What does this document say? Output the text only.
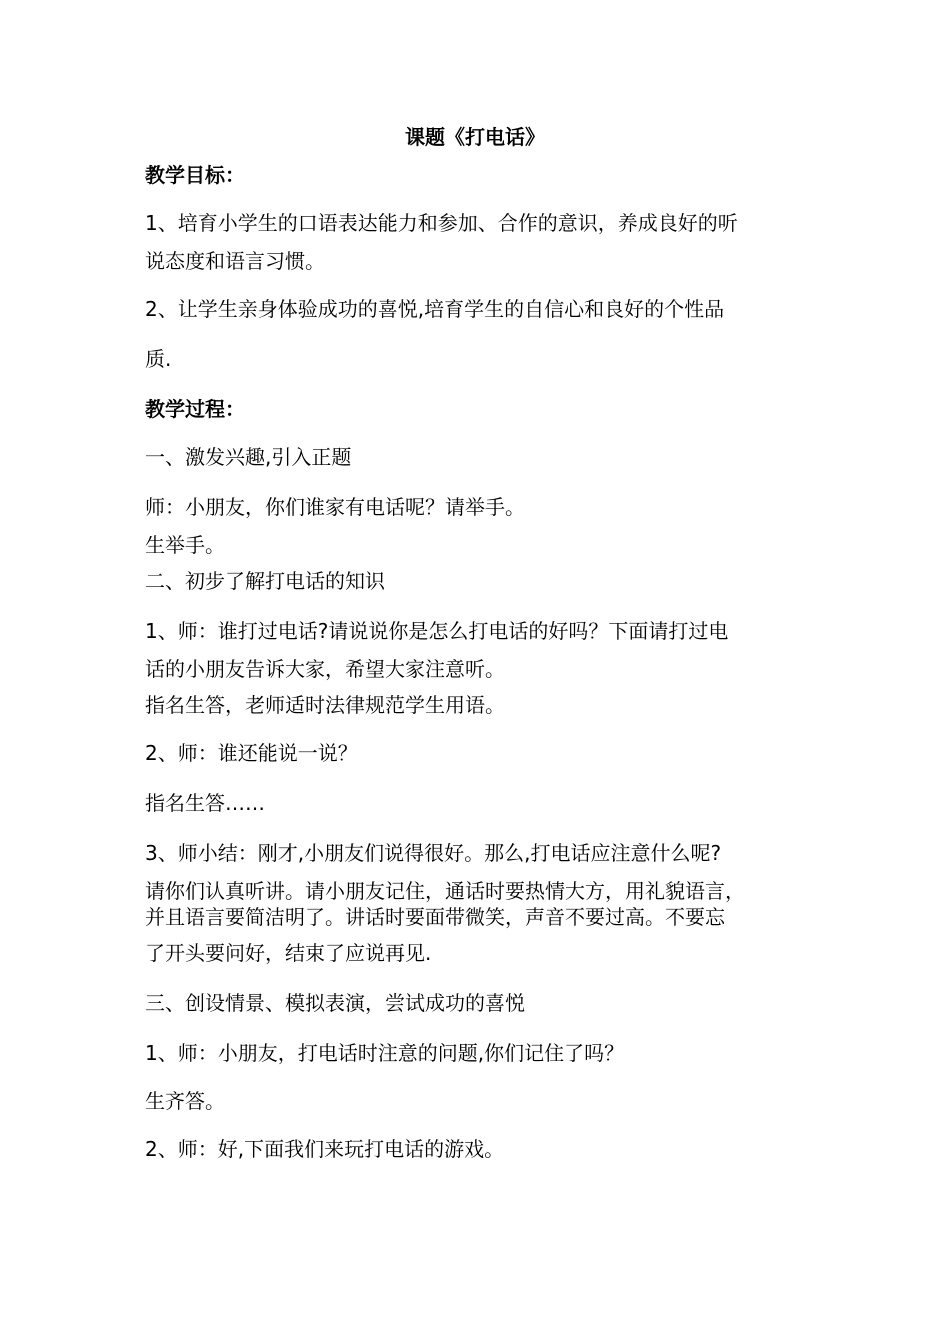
课题《打电话》
教学目标：
1、培育小学生的口语表达能力和参加、合作的意识，养成良好的听
说态度和语言习惯。
2、让学生亲身体验成功的喜悦,培育学生的自信心和良好的个性品
质.
教学过程：
一、激发兴趣,引入正题
师：小朋友，你们谁家有电话呢？请举手。
生举手。
二、初步了解打电话的知识
1、师：谁打过电话?请说说你是怎么打电话的好吗？下面请打过电
话的小朋友告诉大家，希望大家注意听。
指名生答，老师适时法律规范学生用语。
2、师：谁还能说一说？
指名生答……
3、师小结：刚才,小朋友们说得很好。那么,打电话应注意什么呢?
请你们认真听讲。请小朋友记住，通话时要热情大方，用礼貌语言，
并且语言要简洁明了。讲话时要面带微笑，声音不要过高。不要忘
了开头要问好，结束了应说再见.
三、创设情景、模拟表演，尝试成功的喜悦
1、师：小朋友，打电话时注意的问题,你们记住了吗？
生齐答。
2、师：好,下面我们来玩打电话的游戏。
